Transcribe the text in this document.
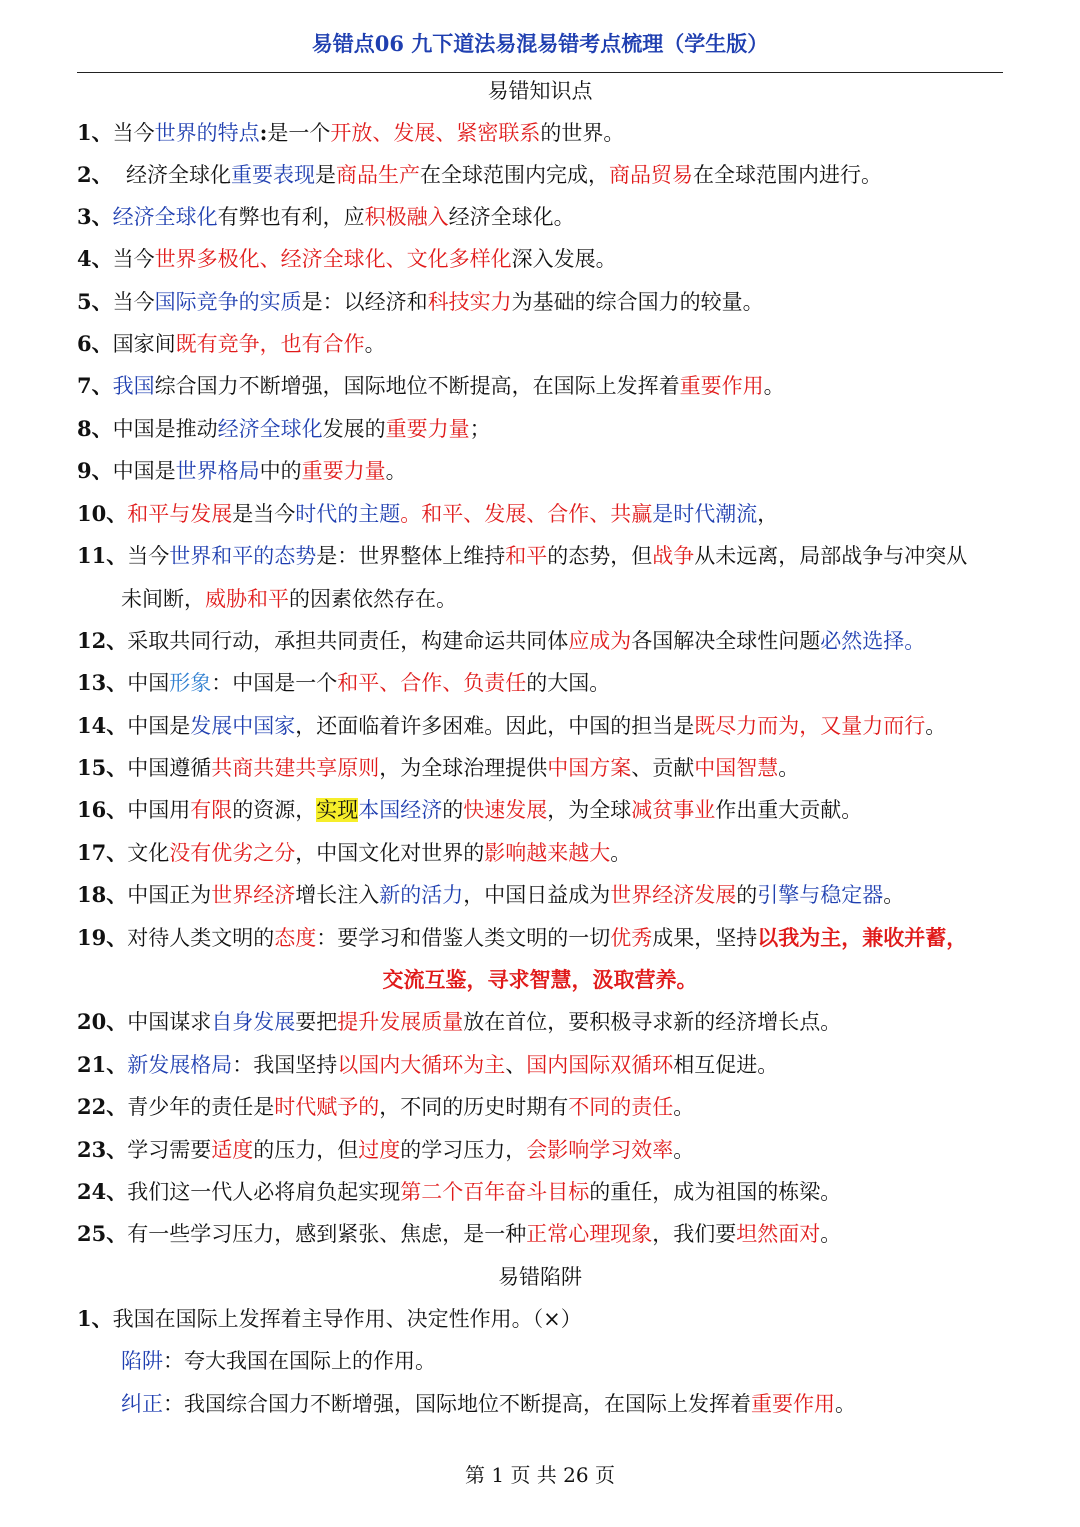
易错点06 九下道法易混易错考点梳理（学生版）
易错知识点
1、当今世界的特点:是一个开放、发展、紧密联系的世界。
2、  经济全球化重要表现是商品生产在全球范围内完成，商品贸易在全球范围内进行。
3、经济全球化有弊也有利，应积极融入经济全球化。
4、当今世界多极化、经济全球化、文化多样化深入发展。
5、当今国际竞争的实质是：以经济和科技实力为基础的综合国力的较量。
6、国家间既有竞争，也有合作。
7、我国综合国力不断增强，国际地位不断提高，在国际上发挥着重要作用。
8、中国是推动经济全球化发展的重要力量；
9、中国是世界格局中的重要力量。
10、和平与发展是当今时代的主题。和平、发展、合作、共赢是时代潮流，
11、当今世界和平的态势是：世界整体上维持和平的态势，但战争从未远离，局部战争与冲突从
未间断，威胁和平的因素依然存在。
12、采取共同行动，承担共同责任，构建命运共同体应成为各国解决全球性问题必然选择。
13、中国形象：中国是一个和平、合作、负责任的大国。
14、中国是发展中国家，还面临着许多困难。因此，中国的担当是既尽力而为，又量力而行。
15、中国遵循共商共建共享原则，为全球治理提供中国方案、贡献中国智慧。
16、中国用有限的资源，实现本国经济的快速发展，为全球减贫事业作出重大贡献。
17、文化没有优劣之分，中国文化对世界的影响越来越大。
18、中国正为世界经济增长注入新的活力，中国日益成为世界经济发展的引擎与稳定器。
19、对待人类文明的态度：要学习和借鉴人类文明的一切优秀成果，坚持以我为主，兼收并蓄，
交流互鉴，寻求智慧，汲取营养。
20、中国谋求自身发展要把提升发展质量放在首位，要积极寻求新的经济增长点。
21、新发展格局：我国坚持以国内大循环为主、国内国际双循环相互促进。
22、青少年的责任是时代赋予的，不同的历史时期有不同的责任。
23、学习需要适度的压力，但过度的学习压力，会影响学习效率。
24、我们这一代人必将肩负起实现第二个百年奋斗目标的重任，成为祖国的栋梁。
25、有一些学习压力，感到紧张、焦虑，是一种正常心理现象，我们要坦然面对。
易错陷阱
1、我国在国际上发挥着主导作用、决定性作用。（×）
陷阱：夸大我国在国际上的作用。
纠正：我国综合国力不断增强，国际地位不断提高，在国际上发挥着重要作用。
第 1 页 共 26 页
